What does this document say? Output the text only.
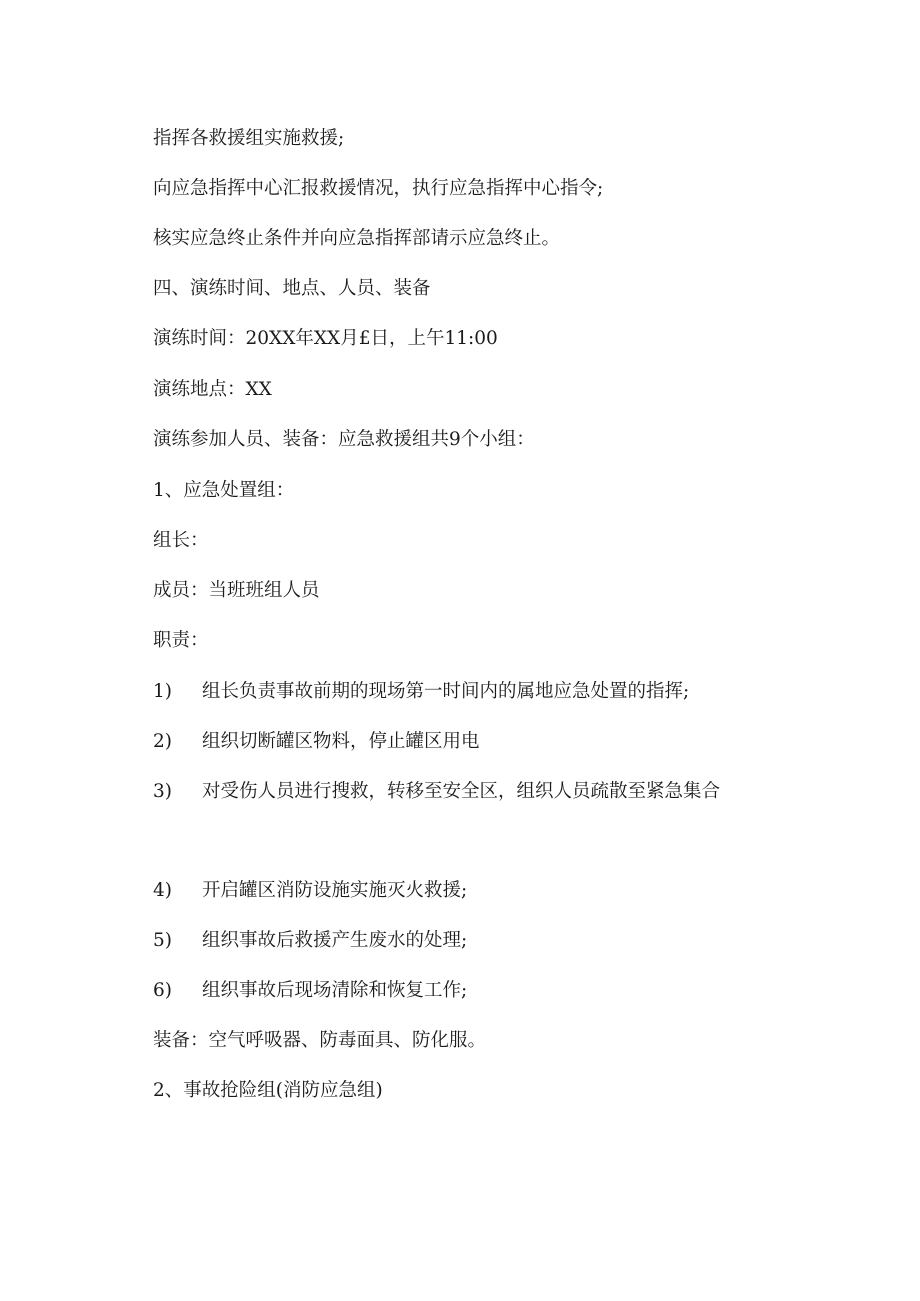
指挥各救援组实施救援;
向应急指挥中心汇报救援情况，执行应急指挥中心指令;
核实应急终止条件并向应急指挥部请示应急终止。
四、演练时间、地点、人员、装备
演练时间：20XX年XX月£日，上午11:00
演练地点：XX
演练参加人员、装备：应急救援组共9个小组：
1、应急处置组：
组长：
成员：当班班组人员
职责：
1) 组长负责事故前期的现场第一时间内的属地应急处置的指挥;
2) 组织切断罐区物料，停止罐区用电
3) 对受伤人员进行搜救，转移至安全区，组织人员疏散至紧急集合
4) 开启罐区消防设施实施灭火救援;
5) 组织事故后救援产生废水的处理;
6) 组织事故后现场清除和恢复工作;
装备：空气呼吸器、防毒面具、防化服。
2、事故抢险组(消防应急组)
